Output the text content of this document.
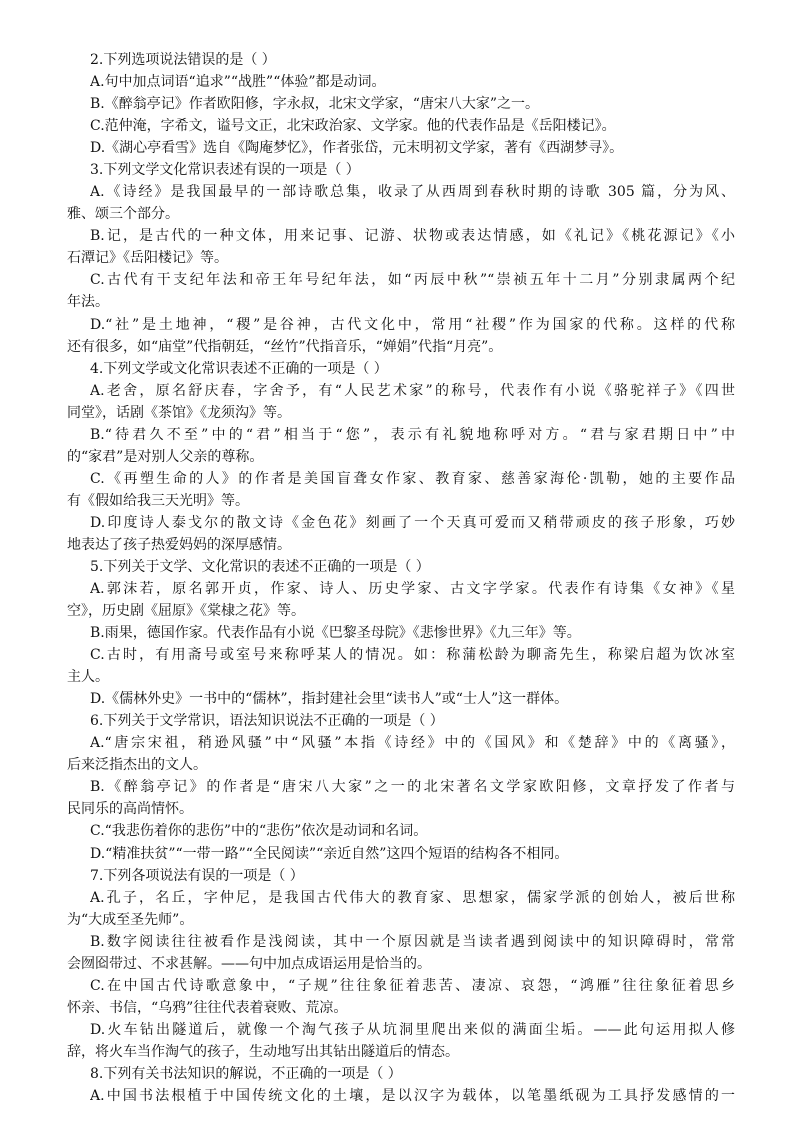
2.下列选项说法错误的是（ ）
A.句中加点词语“追求”“战胜”“体验”都是动词。
B.《醉翁亭记》作者欧阳修，字永叔，北宋文学家，“唐宋八大家”之一。
C.范仲淹，字希文，谥号文正，北宋政治家、文学家。他的代表作品是《岳阳楼记》。
D.《湖心亭看雪》选自《陶庵梦忆》，作者张岱，元末明初文学家，著有《西湖梦寻》。
3.下列文学文化常识表述有误的一项是（ ）
A.《诗经》是我国最早的一部诗歌总集，收录了从西周到春秋时期的诗歌 305 篇，分为风、
雅、颂三个部分。
B.记，是古代的一种文体，用来记事、记游、状物或表达情感，如《礼记》《桃花源记》《小
石潭记》《岳阳楼记》等。
C.古代有干支纪年法和帝王年号纪年法，如“丙辰中秋”“崇祯五年十二月”分别隶属两个纪
年法。
D.“社”是土地神，“稷”是谷神，古代文化中，常用“社稷”作为国家的代称。这样的代称
还有很多，如“庙堂”代指朝廷，“丝竹”代指音乐，“婵娟”代指“月亮”。
4.下列文学或文化常识表述不正确的一项是（ ）
A.老舍，原名舒庆春，字舍予，有“人民艺术家”的称号，代表作有小说《骆驼祥子》《四世
同堂》，话剧《茶馆》《龙须沟》等。
B.“待君久不至”中的“君”相当于“您”，表示有礼貌地称呼对方。“君与家君期日中”中
的“家君”是对别人父亲的尊称。
C.《再塑生命的人》的作者是美国盲聋女作家、教育家、慈善家海伦·凯勒，她的主要作品
有《假如给我三天光明》等。
D.印度诗人泰戈尔的散文诗《金色花》刻画了一个天真可爱而又稍带顽皮的孩子形象，巧妙
地表达了孩子热爱妈妈的深厚感情。
5.下列关于文学、文化常识的表述不正确的一项是（ ）
A.郭沫若，原名郭开贞，作家、诗人、历史学家、古文字学家。代表作有诗集《女神》《星
空》，历史剧《屈原》《棠棣之花》等。
B.雨果，德国作家。代表作品有小说《巴黎圣母院》《悲惨世界》《九三年》等。
C.古时，有用斋号或室号来称呼某人的情况。如：称蒲松龄为聊斋先生，称梁启超为饮冰室
主人。
D.《儒林外史》一书中的“儒林”，指封建社会里“读书人”或“士人”这一群体。
6.下列关于文学常识，语法知识说法不正确的一项是（ ）
A.“唐宗宋祖，稍逊风骚”中“风骚”本指《诗经》中的《国风》和《楚辞》中的《离骚》，
后来泛指杰出的文人。
B.《醉翁亭记》的作者是“唐宋八大家”之一的北宋著名文学家欧阳修，文章抒发了作者与
民同乐的高尚情怀。
C.“我悲伤着你的悲伤”中的“悲伤”依次是动词和名词。
D.“精准扶贫”“一带一路”“全民阅读”“亲近自然”这四个短语的结构各不相同。
7.下列各项说法有误的一项是（ ）
A.孔子，名丘，字仲尼，是我国古代伟大的教育家、思想家，儒家学派的创始人，被后世称
为“大成至圣先师”。
B.数字阅读往往被看作是浅阅读，其中一个原因就是当读者遇到阅读中的知识障碍时，常常
会囫囵带过、不求甚解。——句中加点成语运用是恰当的。
C.在中国古代诗歌意象中，“子规”往往象征着悲苦、凄凉、哀怨，“鸿雁”往往象征着思乡
怀亲、书信，“乌鸦”往往代表着衰败、荒凉。
D.火车钻出隧道后，就像一个淘气孩子从坑洞里爬出来似的满面尘垢。——此句运用拟人修
辞，将火车当作淘气的孩子，生动地写出其钻出隧道后的情态。
8.下列有关书法知识的解说，不正确的一项是（ ）
A.中国书法根植于中国传统文化的土壤，是以汉字为载体，以笔墨纸砚为工具抒发感情的一
